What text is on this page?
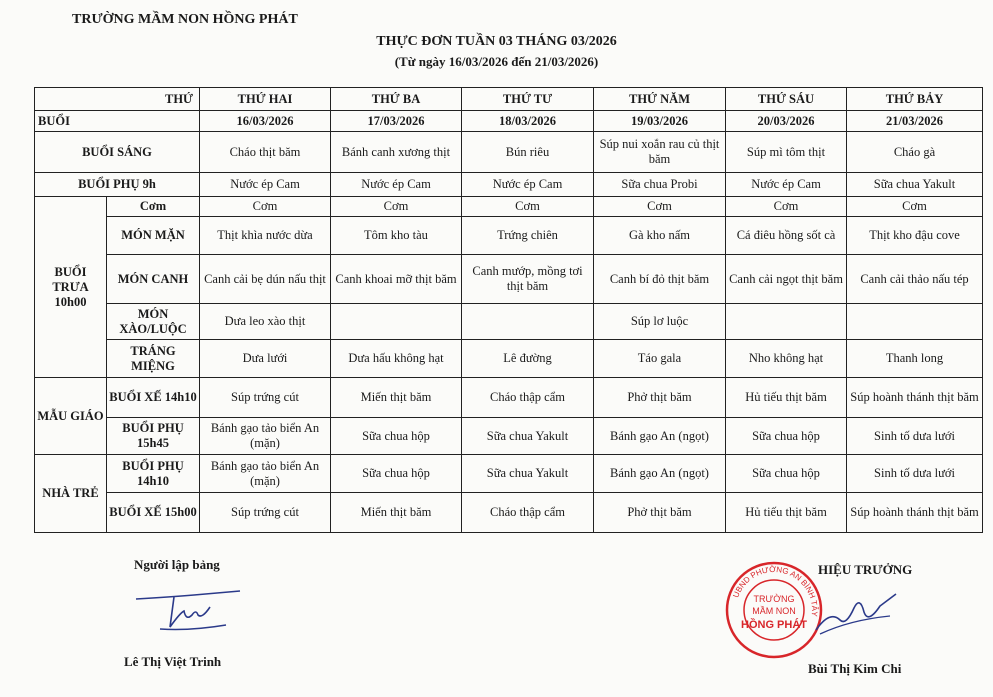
TRƯỜNG MẦM NON HỒNG PHÁT
THỰC ĐƠN TUẦN 03 THÁNG 03/2026
(Từ ngày 16/03/2026 đến 21/03/2026)
THỨ		THỨ HAI	THỨ BA	THỨ TƯ	THỨ NĂM	THỨ SÁU	THỨ BẢY
BUỔI		16/03/2026	17/03/2026	18/03/2026	19/03/2026	20/03/2026	21/03/2026
BUỔI SÁNG		Cháo thịt băm	Bánh canh xương thịt	Bún riêu	Súp nui xoắn rau củ thịt băm	Súp mì tôm thịt	Cháo gà
BUỔI PHỤ 9h		Nước ép Cam	Nước ép Cam	Nước ép Cam	Sữa chua Probi	Nước ép Cam	Sữa chua Yakult
BUỔI TRƯA 10h00	Cơm	Cơm	Cơm	Cơm	Cơm	Cơm	Cơm
	MÓN MẶN	Thịt khìa nước dừa	Tôm kho tàu	Trứng chiên	Gà kho nấm	Cá điêu hồng sốt cà	Thịt kho đậu cove
	MÓN CANH	Canh cải bẹ dún nấu thịt	Canh khoai mỡ thịt băm	Canh mướp, mồng tơi thịt băm	Canh bí đỏ thịt băm	Canh cải ngọt thịt băm	Canh cải thảo nấu tép
	MÓN XÀO/LUỘC	Dưa leo xào thịt			Súp lơ luộc		
	TRÁNG MIỆNG	Dưa lưới	Dưa hấu không hạt	Lê đường	Táo gala	Nho không hạt	Thanh long
MẪU GIÁO	BUỔI XẾ 14h10	Súp trứng cút	Miến thịt băm	Cháo thập cẩm	Phở thịt băm	Hủ tiếu thịt băm	Súp hoành thánh thịt băm
	BUỔI PHỤ 15h45	Bánh gạo tảo biển An (mặn)	Sữa chua hộp	Sữa chua Yakult	Bánh gạo An (ngọt)	Sữa chua hộp	Sinh tố dưa lưới
NHÀ TRẺ	BUỔI PHỤ 14h10	Bánh gạo tảo biển An (mặn)	Sữa chua hộp	Sữa chua Yakult	Bánh gạo An (ngọt)	Sữa chua hộp	Sinh tố dưa lưới
	BUỔI XẾ 15h00	Súp trứng cút	Miến thịt băm	Cháo thập cẩm	Phở thịt băm	Hủ tiếu thịt băm	Súp hoành thánh thịt băm
Người lập bảng
Lê Thị Việt Trinh
HIỆU TRƯỞNG
UBND PHƯỜNG AN BÌNH TÂY
TRƯỜNG
MẦM NON
HỒNG PHÁT
Bùi Thị Kim Chi
